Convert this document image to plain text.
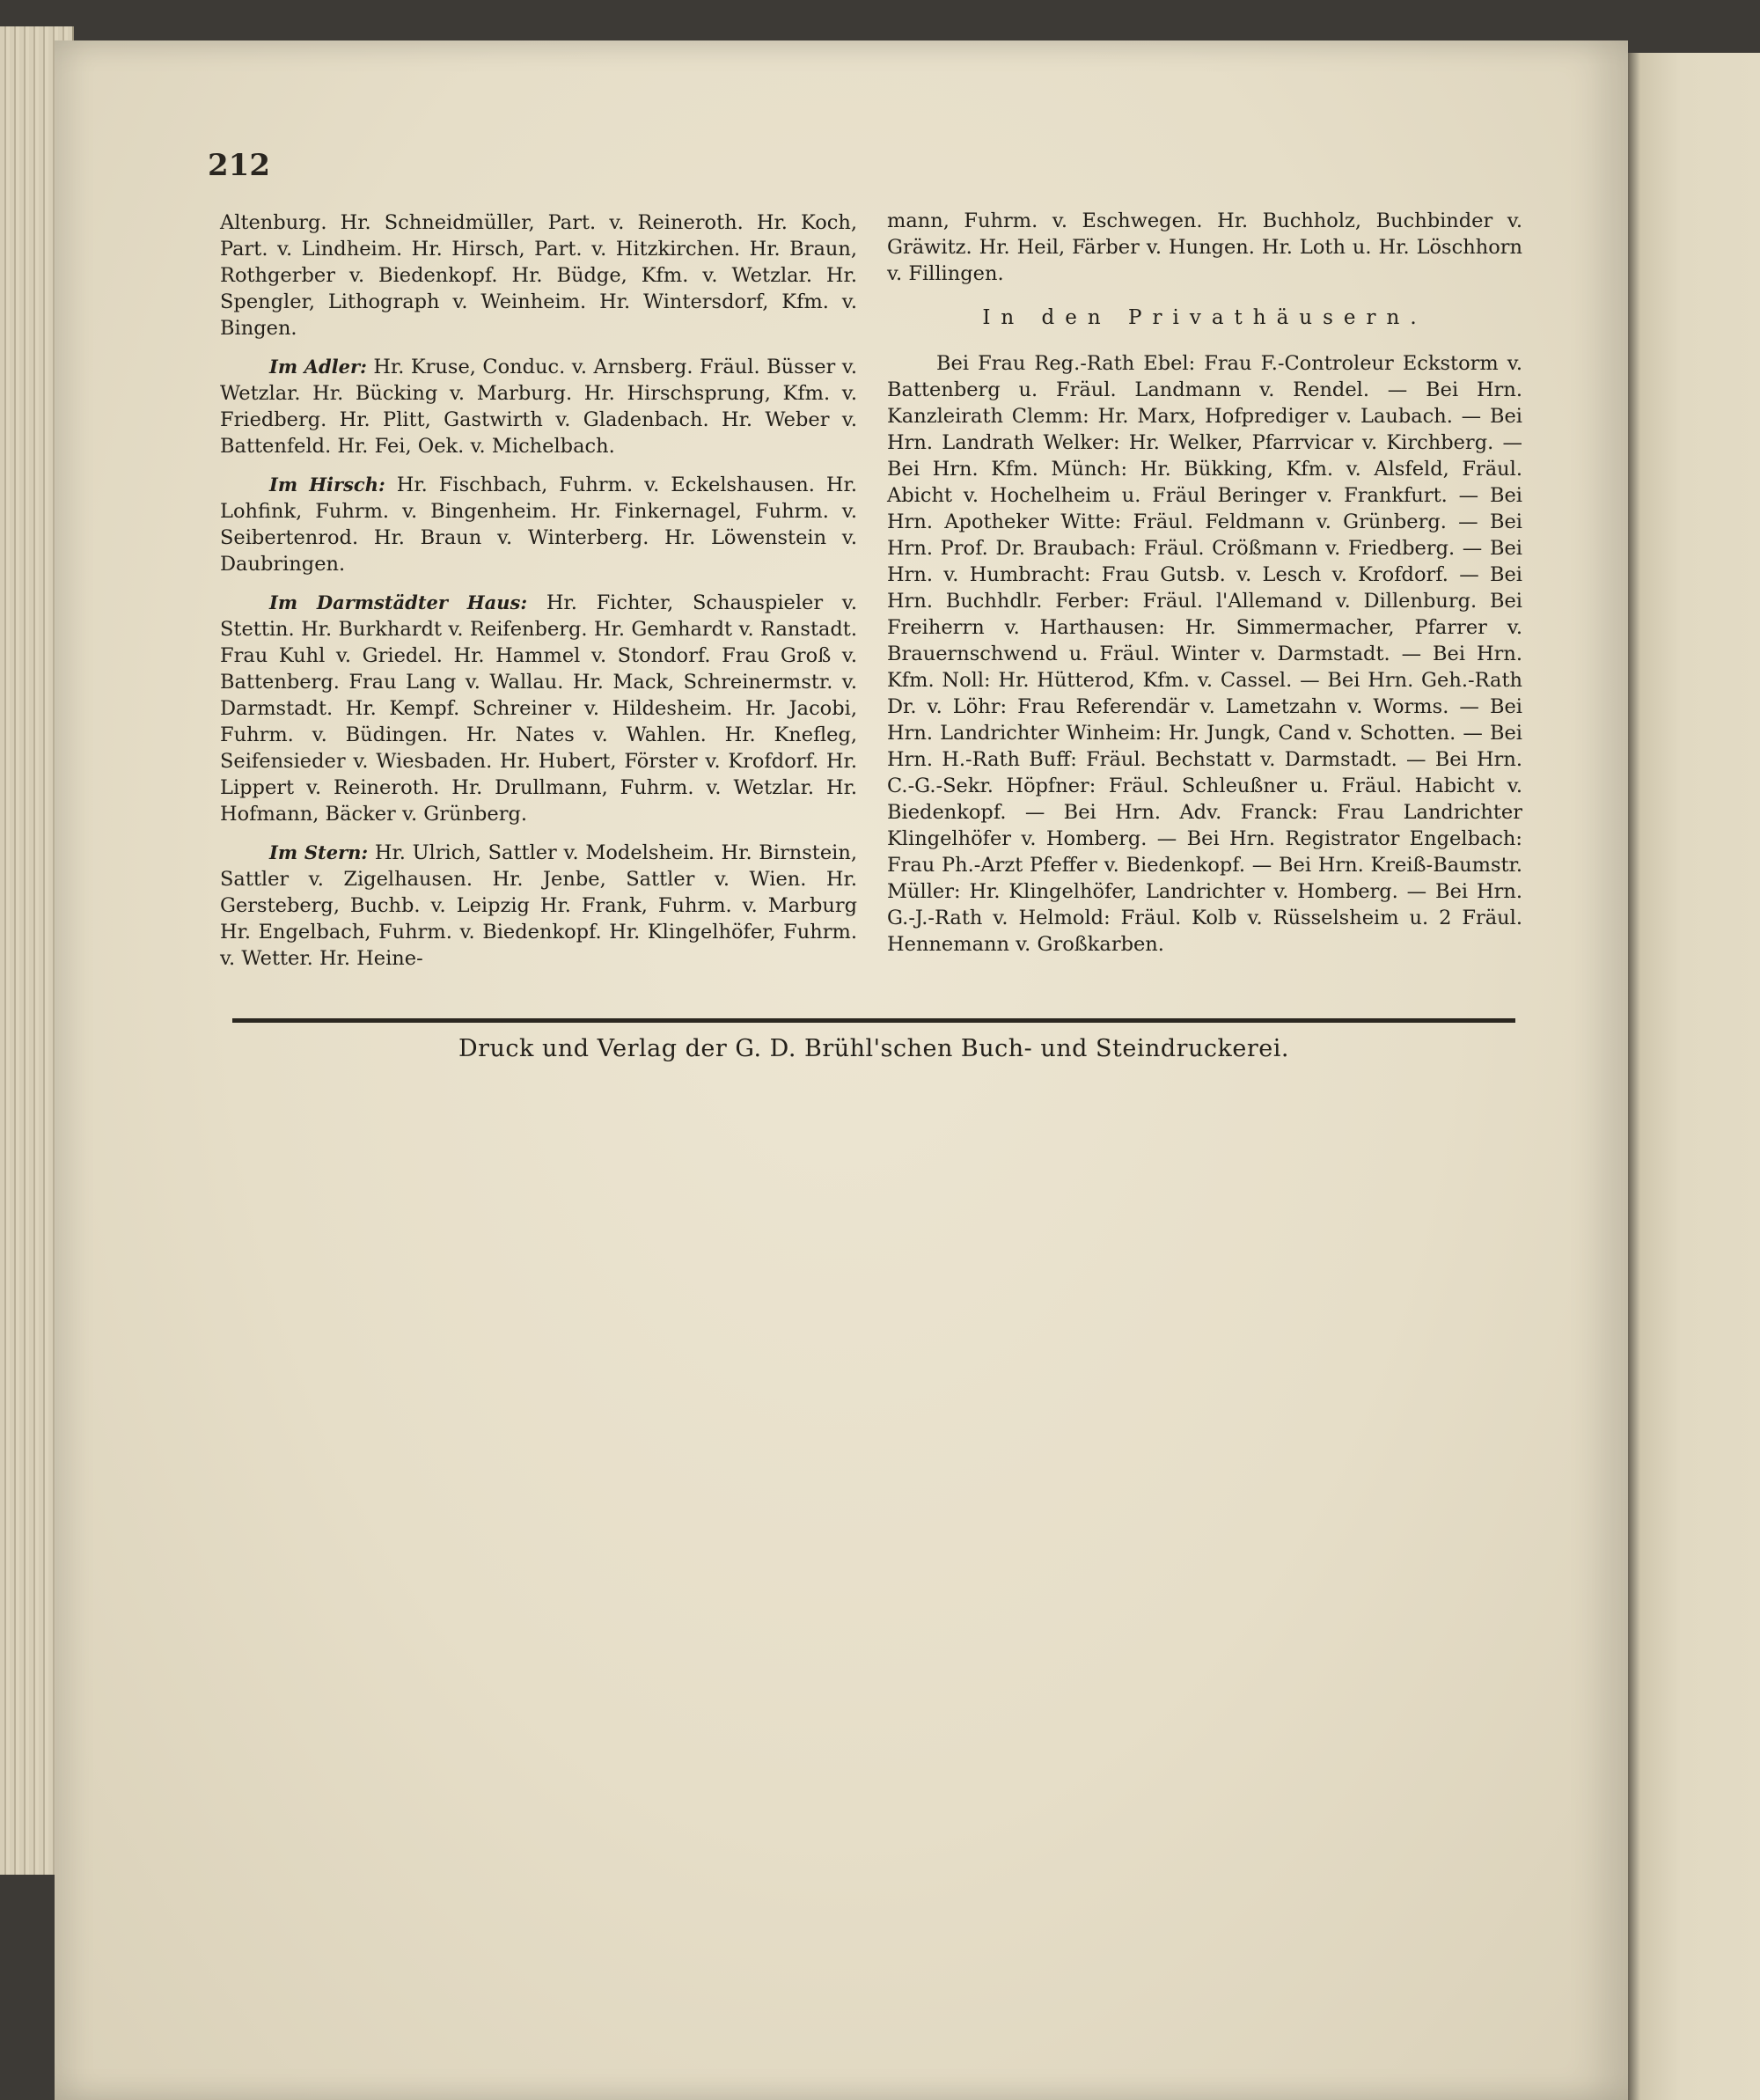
212

Altenburg. Hr. Schneidmüller, Part. v. Reineroth. Hr. Koch, Part. v. Lindheim. Hr. Hirsch, Part. v. Hitzkirchen. Hr. Braun, Rothgerber v. Biedenkopf. Hr. Büdge, Kfm. v. Wetzlar. Hr. Spengler, Lithograph v. Weinheim. Hr. Wintersdorf, Kfm. v. Bingen.

Im Adler: Hr. Kruse, Conduc. v. Arnsberg. Fräul. Büsser v. Wetzlar. Hr. Bücking v. Marburg. Hr. Hirschsprung, Kfm. v. Friedberg. Hr. Plitt, Gastwirth v. Gladenbach. Hr. Weber v. Battenfeld. Hr. Fei, Oek. v. Michelbach.

Im Hirsch: Hr. Fischbach, Fuhrm. v. Eckelshausen. Hr. Lohfink, Fuhrm. v. Bingenheim. Hr. Finkernagel, Fuhrm. v. Seibertenrod. Hr. Braun v. Winterberg. Hr. Löwenstein v. Daubringen.

Im Darmstädter Haus: Hr. Fichter, Schauspieler v. Stettin. Hr. Burkhardt v. Reifenberg. Hr. Gemhardt v. Ranstadt. Frau Kuhl v. Griedel. Hr. Hammel v. Stondorf. Frau Groß v. Battenberg. Frau Lang v. Wallau. Hr. Mack, Schreinermstr. v. Darmstadt. Hr. Kempf. Schreiner v. Hildesheim. Hr. Jacobi, Fuhrm. v. Büdingen. Hr. Nates v. Wahlen. Hr. Knefleg, Seifensieder v. Wiesbaden. Hr. Hubert, Förster v. Krofdorf. Hr. Lippert v. Reineroth. Hr. Drullmann, Fuhrm. v. Wetzlar. Hr. Hofmann, Bäcker v. Grünberg.

Im Stern: Hr. Ulrich, Sattler v. Modelsheim. Hr. Birnstein, Sattler v. Zigelhausen. Hr. Jenbe, Sattler v. Wien. Hr. Gersteberg, Buchb. v. Leipzig Hr. Frank, Fuhrm. v. Marburg Hr. Engelbach, Fuhrm. v. Biedenkopf. Hr. Klingelhöfer, Fuhrm. v. Wetter. Hr. Heine-

mann, Fuhrm. v. Eschwegen. Hr. Buchholz, Buchbinder v. Gräwitz. Hr. Heil, Färber v. Hungen. Hr. Loth u. Hr. Löschhorn v. Fillingen.

In den Privathäusern.

Bei Frau Reg.-Rath Ebel: Frau F.-Controleur Eckstorm v. Battenberg u. Fräul. Landmann v. Rendel. — Bei Hrn. Kanzleirath Clemm: Hr. Marx, Hofprediger v. Laubach. — Bei Hrn. Landrath Welker: Hr. Welker, Pfarrvicar v. Kirchberg. — Bei Hrn. Kfm. Münch: Hr. Bükking, Kfm. v. Alsfeld, Fräul. Abicht v. Hochelheim u. Fräul Beringer v. Frankfurt. — Bei Hrn. Apotheker Witte: Fräul. Feldmann v. Grünberg. — Bei Hrn. Prof. Dr. Braubach: Fräul. Crößmann v. Friedberg. — Bei Hrn. v. Humbracht: Frau Gutsb. v. Lesch v. Krofdorf. — Bei Hrn. Buchhdlr. Ferber: Fräul. l'Allemand v. Dillenburg. Bei Freiherrn v. Harthausen: Hr. Simmermacher, Pfarrer v. Brauernschwend u. Fräul. Winter v. Darmstadt. — Bei Hrn. Kfm. Noll: Hr. Hütterod, Kfm. v. Cassel. — Bei Hrn. Geh.-Rath Dr. v. Löhr: Frau Referendär v. Lametzahn v. Worms. — Bei Hrn. Landrichter Winheim: Hr. Jungk, Cand v. Schotten. — Bei Hrn. H.-Rath Buff: Fräul. Bechstatt v. Darmstadt. — Bei Hrn. C.-G.-Sekr. Höpfner: Fräul. Schleußner u. Fräul. Habicht v. Biedenkopf. — Bei Hrn. Adv. Franck: Frau Landrichter Klingelhöfer v. Homberg. — Bei Hrn. Registrator Engelbach: Frau Ph.-Arzt Pfeffer v. Biedenkopf. — Bei Hrn. Kreiß-Baumstr. Müller: Hr. Klingelhöfer, Landrichter v. Homberg. — Bei Hrn. G.-J.-Rath v. Helmold: Fräul. Kolb v. Rüsselsheim u. 2 Fräul. Hennemann v. Großkarben.

Druck und Verlag der G. D. Brühl'schen Buch- und Steindruckerei.
